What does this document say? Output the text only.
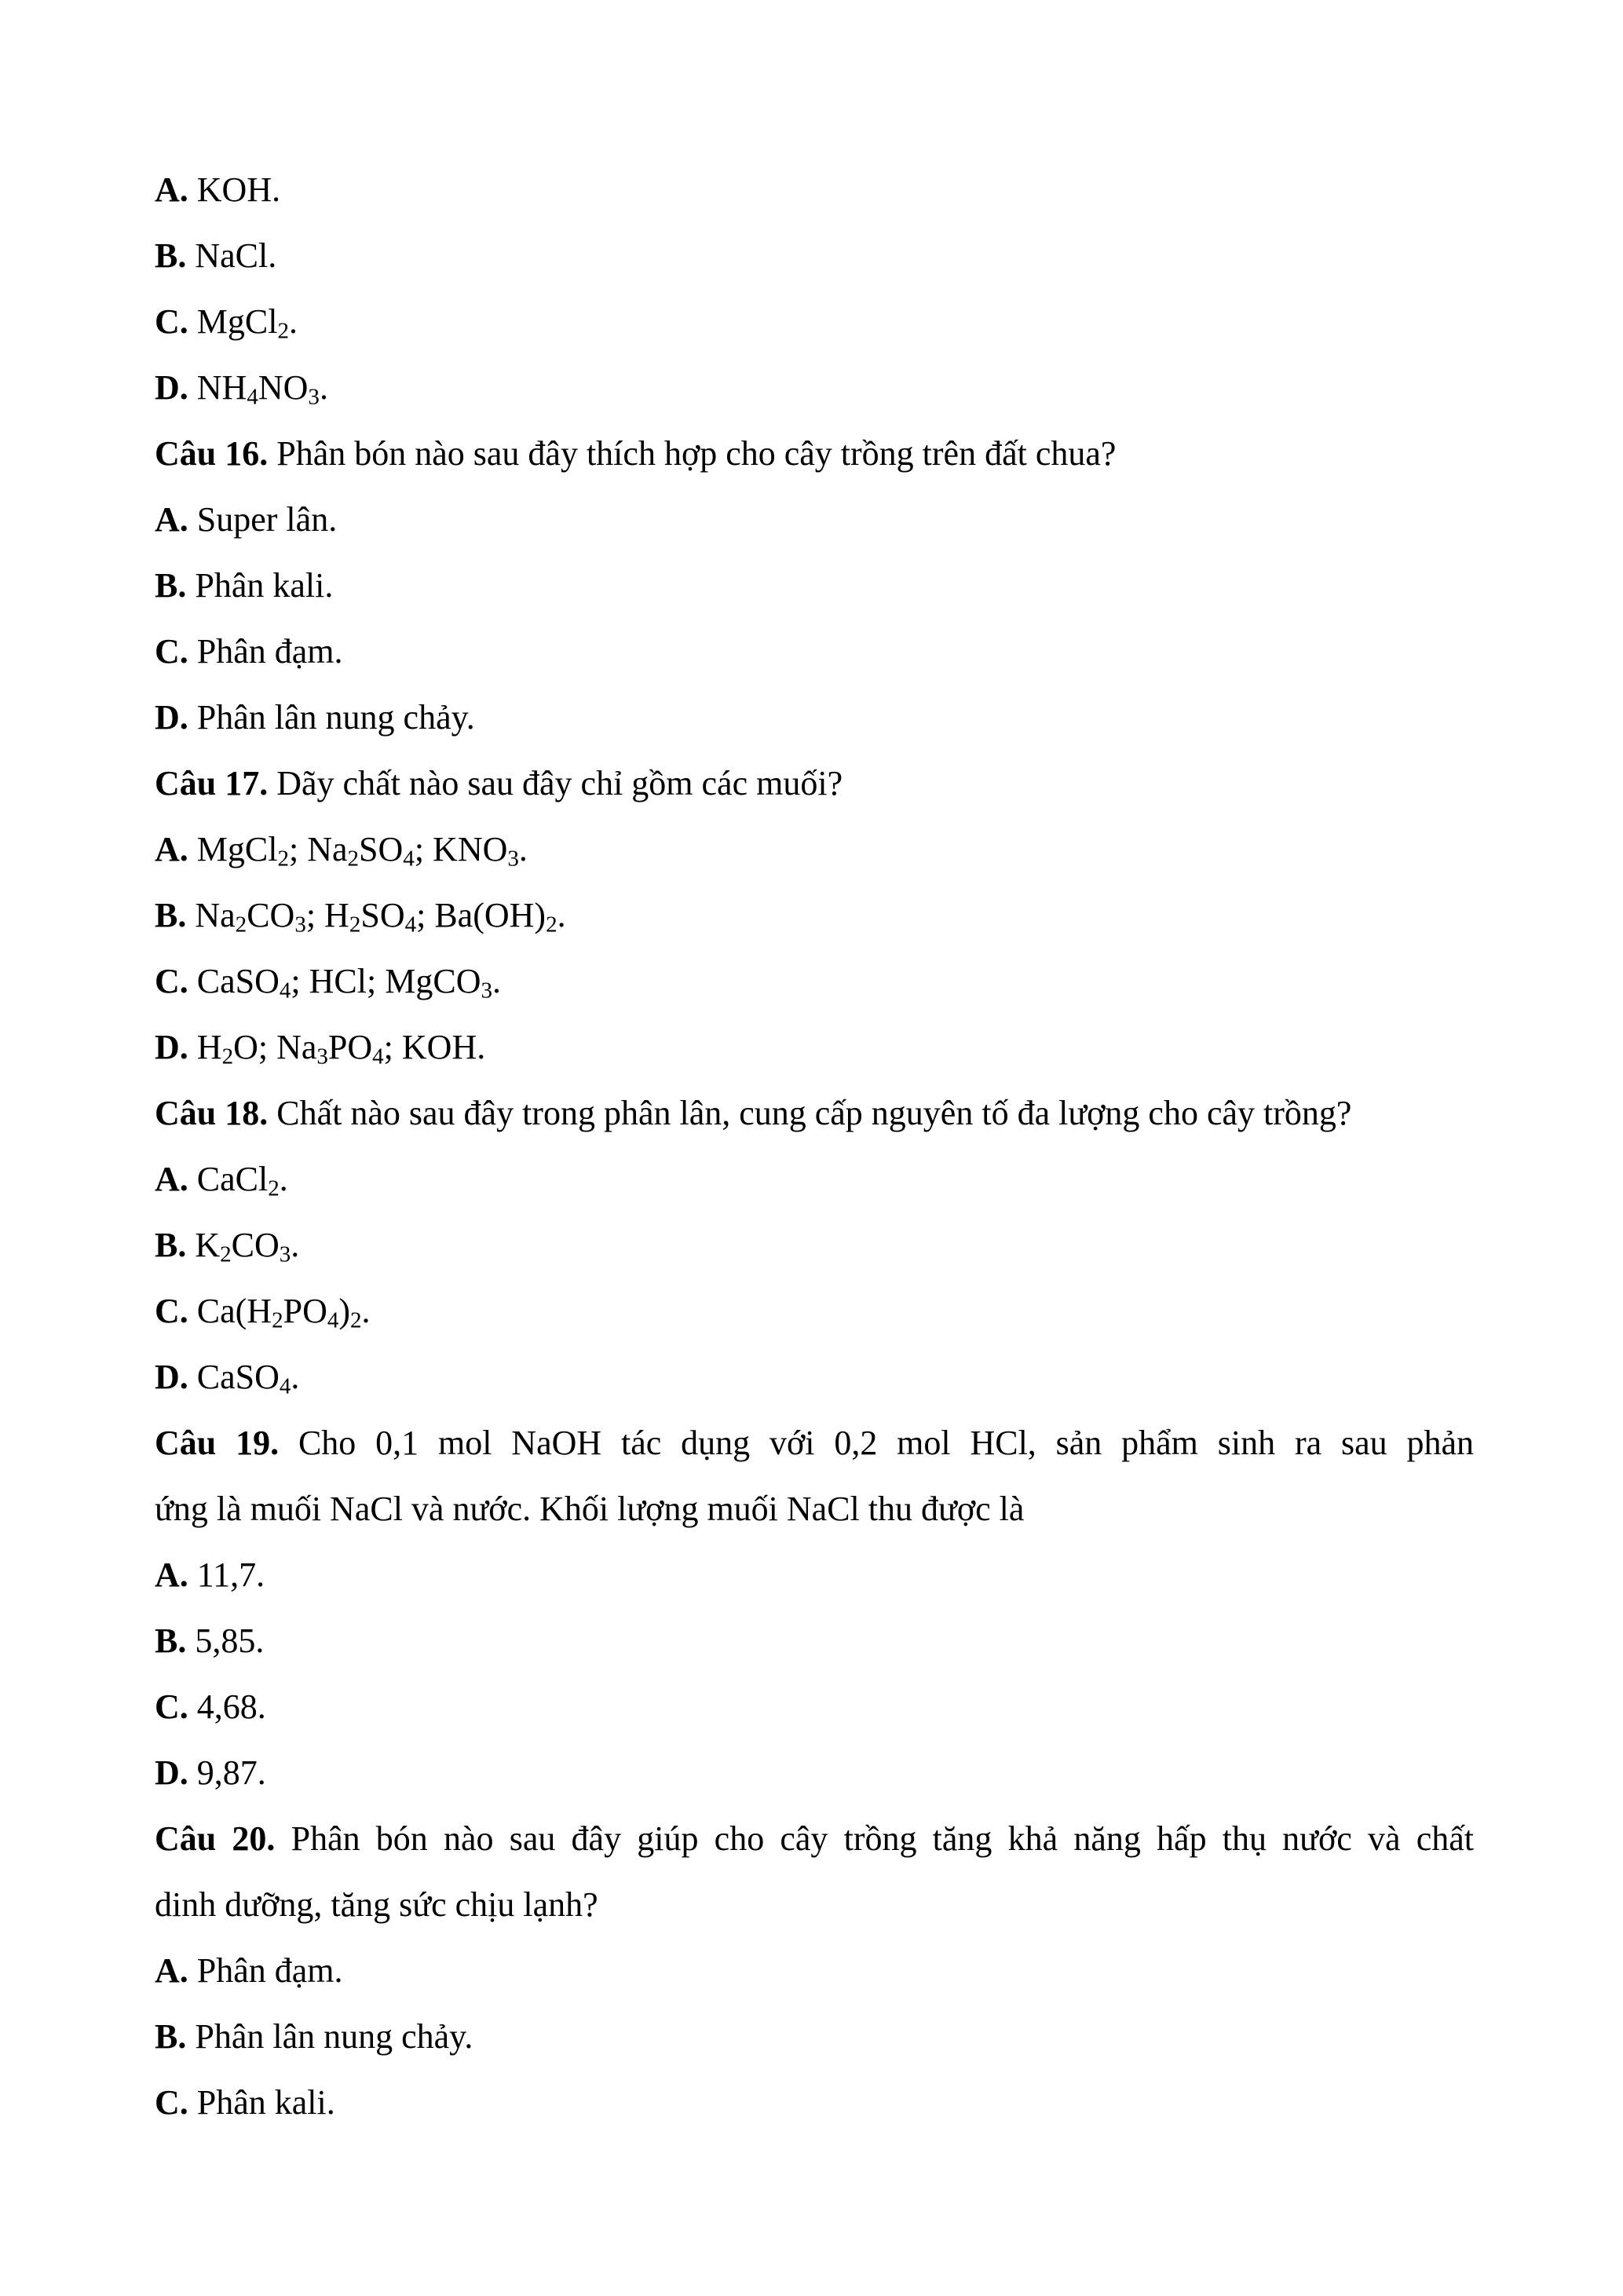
A. KOH.
B. NaCl.
C. MgCl$_2$.
D. $NH_4NO_3$.
Câu 16. Phân bón nào sau đây thích hợp cho cây trồng trên đất chua?
A. Super lân.
B. Phân kali.
C. Phân đạm.
D. Phân lân nung chảy.
Câu 17. Dãy chất nào sau đây chỉ gồm các muối?
A. MgCl$_2$; $Na_2SO_4$; $KNO_3$.
B. $Na_2CO_3$; $H_2SO_4$; $Ba(OH)_2$.
C. CaSO$_4$; HCl; MgCO$_3$.
D. $H_2O$; $Na_3PO_4$; KOH.
Câu 18. Chất nào sau đây trong phân lân, cung cấp nguyên tố đa lượng cho cây trồng?
A. CaCl$_2$.
B. $K_2CO_3$.
C. $Ca(H_2PO_4)_2$.
D. CaSO$_4$.
Câu 19. Cho 0,1 mol NaOH tác dụng với 0,2 mol HCl, sản phẩm sinh ra sau phản
ứng là muối NaCl và nước. Khối lượng muối NaCl thu được là
A. 11,7.
B. 5,85.
C. 4,68.
D. 9,87.
Câu 20. Phân bón nào sau đây giúp cho cây trồng tăng khả năng hấp thụ nước và chất
dinh dưỡng, tăng sức chịu lạnh?
A. Phân đạm.
B. Phân lân nung chảy.
C. Phân kali.
